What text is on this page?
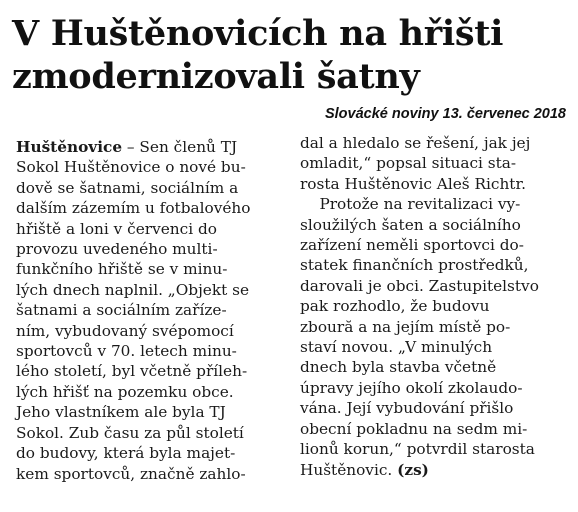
V Huštěnovicích na hřišti
zmodernizovali šatny
Slovácké noviny 13. červenec 2018
Huštěnovice – Sen členů TJ
Sokol Huštěnovice o nové bu-
dově se šatnami, sociálním a
dalším zázemím u fotbalového
hřiště a loni v červenci do
provozu uvedeného multi-
funkčního hřiště se v minu-
lých dnech naplnil. „Objekt se
šatnami a sociálním zaříze-
ním, vybudovaný svépomocí
sportovců v 70. letech minu-
lého století, byl včetně příleh-
lých hřišť na pozemku obce.
Jeho vlastníkem ale byla TJ
Sokol. Zub času za půl století
do budovy, která byla majet-
kem sportovců, značně zahlo-
dal a hledalo se řešení, jak jej
omladit,“ popsal situaci sta-
rosta Huštěnovic Aleš Richtr.
Protože na revitalizaci vy-
sloužilých šaten a sociálního
zařízení neměli sportovci do-
statek finančních prostředků,
darovali je obci. Zastupitelstvo
pak rozhodlo, že budovu
zboură a na jejím místě po-
staví novou. „V minulých
dnech byla stavba včetně
úpravy jejího okolí zkolaudo-
vána. Její vybudování přišlo
obecní pokladnu na sedm mi-
lionů korun,“ potvrdil starosta
Huštěnovic. (zs)
